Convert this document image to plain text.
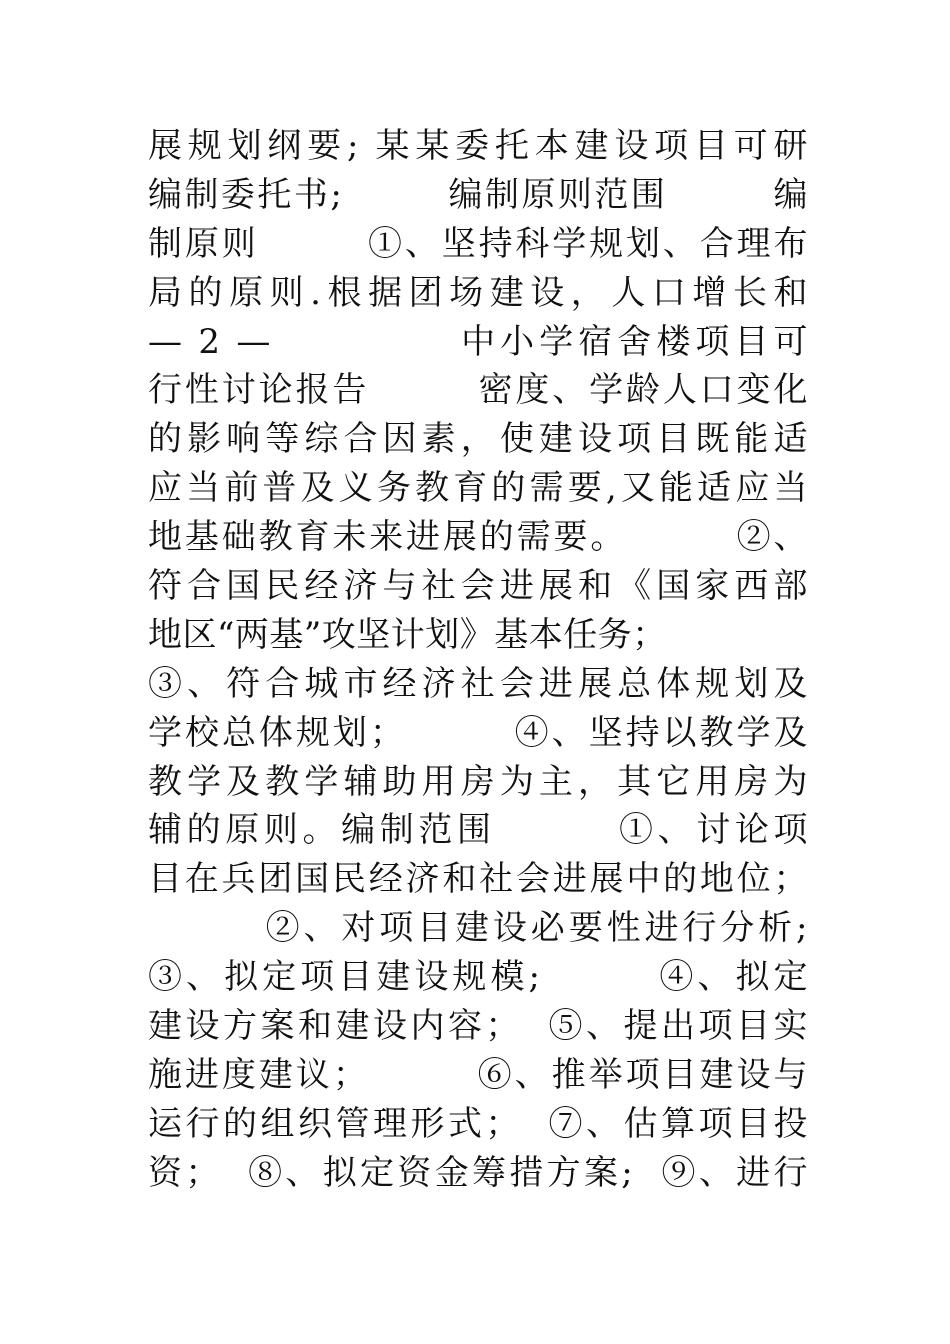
展规划纲要; 某某委托本建设项目可研
编制委托书;        编制原则范围        编
制原则        ①、坚持科学规划、合理布
局的原则.根据团场建设，人口增长和
— 2 —            中小学宿舍楼项目可
行性讨论报告        密度、学龄人口变化
的影响等综合因素，使建设项目既能适
应当前普及义务教育的需要,又能适应当
地基础教育未来进展的需要。        ②、
符合国民经济与社会进展和《国家西部
地区“两基”攻坚计划》基本任务；
③、符合城市经济社会进展总体规划及
学校总体规划；        ④、坚持以教学及
教学及教学辅助用房为主，其它用房为
辅的原则。编制范围        ①、讨论项
目在兵团国民经济和社会进展中的地位；
②、对项目建设必要性进行分析;
③、拟定项目建设规模;        ④、拟定
建设方案和建设内容；  ⑤、提出项目实
施进度建议；        ⑥、推举项目建设与
运行的组织管理形式；  ⑦、估算项目投
资；  ⑧、拟定资金筹措方案;  ⑨、进行
